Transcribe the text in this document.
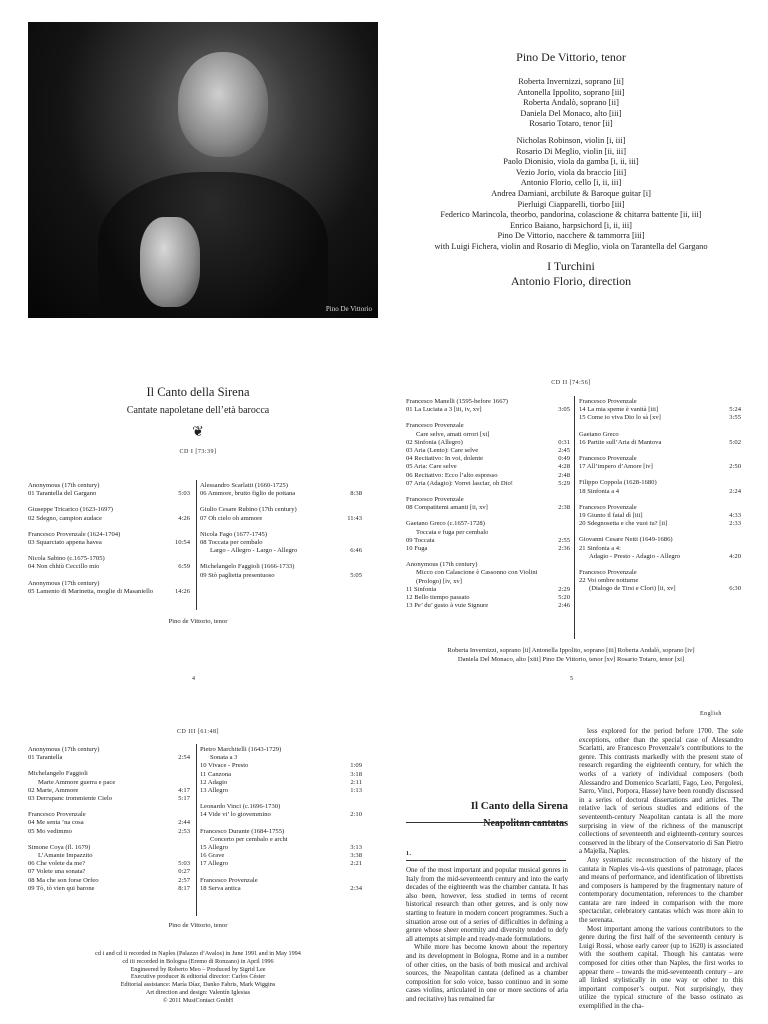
Pino De Vittorio
Pino De Vittorio, tenor
Roberta Invernizzi, soprano [ii]
Antonella Ippolito, soprano [iii]
Roberta Andalò, soprano [ii]
Daniela Del Monaco, alto [iii]
Rosario Totaro, tenor [ii]
Nicholas Robinson, violin [i, iii]
Rosario Di Meglio, violin [ii, iii]
Paolo Dionisio, viola da gamba [i, ii, iii]
Vezio Jorio, viola da braccio [iii]
Antonio Florio, cello [i, ii, iii]
Andrea Damiani, arcbilute & Baroque guitar [i]
Pierluigi Ciapparelli, tiorbo [iii]
Federico Marincola, theorbo, pandorina, colascione & chitarra battente [ii, iii]
Enrico Baiano, harpsichord [i, ii, iii]
Pino De Vittorio, nacchere & tammorra [iii]
with Luigi Fichera, violin and Rosario di Meglio, viola on Tarantella del Gargano
I Turchini
Antonio Florio, direction
Il Canto della Sirena
Cantate napoletane dell’età barocca
❦
CD I [73:39]
Anonymous (17th century)
01 Tarantella del Gargano	5:03
Giuseppe Tricarico (1623-1697)
02 Sdegno, campion audace	4:26
Francesco Provenzale (1624-1704)
03 Squarciato appena havea	10:54
Nicola Sabino (c.1675-1705)
04 Non chhiù Ceccillo mio	6:59
Anonymous (17th century)
05 Lamento di Marinetta, moglie di Masaniello	14:26
Alessandro Scarlatti (1660-1725)
06 Ammore, brutto figlio de pottana	8:38
Giulio Cesare Rubino (17th century)
07 Oh cielo oh ammore	11:43
Nicola Fago (1677-1745)
08 Toccata per cembalo
Largo - Allegro - Largo - Allegro	6:46
Michelangelo Faggioli (1666-1733)
09 Stò paglietta presentuoso	5:05
Pino de Vittorio, tenor
4
CD II [74:56]
Francesco Manelli (1595-before 1667)
01 La Luciata a 3 [iii, iv, xv]	3:05
Francesco Provenzale
Care selve, amati orrori [xi]
02 Sinfonia (Allegro)	0:31
03 Aria (Lento): Care selve	2:45
04 Recitativo: In voi, dolente	0:49
05 Aria: Care selve	4:28
06 Recitativo: Ecco l’alto espresso	2:48
07 Aria (Adagio): Vorrei lasciar, oh Dio!	5:29
Francesco Provenzale
08 Compatitemi amanti [ii, xv]	2:38
Gaetano Greco (c.1657-1728)
Toccata e fuga per cembalo
09 Toccata	2:55
10 Fuga	2:36
Anonymous (17th century)
Micco con Calascione è Cassonno con Violini
(Prologo) [iv, xv]
11 Sinfonia	2:29
12 Bello tiempo passato	5:20
13 Pe’ du’ gusto à vuie Signure	2:46
Francesco Provenzale
14 La mia speme è vanità [iii]	5:24
15 Come io viva Dio lo sà [xv]	3:55
Gaetano Greco
16 Partite sull’Aria di Mantova	5:02
Francesco Provenzale
17 All’impero d’Amore [iv]	2:50
Filippo Coppola (1628-1680)
18 Sinfonia a 4	2:24
Francesco Provenzale
19 Giunto il fatal dì [iii]	4:33
20 Sdegnosetta e che vuoi tu? [ii]	2:33
Giovanni Cesare Netti (1649-1686)
21 Sinfonia a 4:
Adagio - Presto - Adagio - Allegro	4:20
Francesco Provenzale
22 Voi ombre notturne
(Dialogo de Tirsi e Clori) [ii, xv]	6:30
Roberta Invernizzi, soprano [ii] Antonella Ippolito, soprano [iii] Roberta Andalò, soprano [iv]
Daniela Del Monaco, alto [xiii] Pino De Vittorio, tenor [xv] Rosario Totaro, tenor [xi]
5
CD III [61:48]
Anonymous (17th century)
01 Tarantella	2:54
Michelangelo Faggioli
Marte Ammore guerra e pace
02 Marte, Ammore	4:17
03 Derrupanc trommiente Cielo	5:17
Francesco Provenzale
04 Me senta ’na cosa	2:44
05 Mo vedimmo	2:53
Simone Coya (fl. 1679)
L’Amante Impazzito
06 Che volete da me?	5:03
07 Volete una sonata?	0:27
08 Ma che son forse Orfeo	2:57
09 Tò, tò vien qui barone	8:17
Pietro Marchitelli (1643-1729)
Sonata a 3
10 Vivace - Presto	1:09
11 Canzona	3:18
12 Adagio	2:11
13 Allegro	1:13
Leonardo Vinci (c.1696-1730)
14 Vide vi’ lo giovemmino	2:10
Francesco Durante (1684-1755)
Concerto per cembalo e archi
15 Allegro	3:13
16 Grave	3:38
17 Allegro	2:21
Francesco Provenzale
18 Serva antica	2:34
Pino de Vittorio, tenor
cd i and cd ii recorded in Naples (Palazzo d’Avalos) in June 1991 and in May 1994
cd iii recorded in Bologna (Eremo di Ronzano) in April 1996
Engineered by Roberto Meo – Produced by Sigrid Lee
Executive producer & editorial director: Carlos Céster
Editorial assistance: María Díaz, Danko Fabris, Mark Wiggins
Art direction and design: Valentín Iglesias
© 2011 MusiContact GmbH
English
Il Canto della Sirena
Neapolitan cantatas
1.

One of the most important and popular musical genres in Italy from the mid-seventeenth century and into the early decades of the eighteenth was the chamber cantata. It has also been, however, less studied in terms of recent historical research than other genres, and is only now starting to feature in modern concert programmes. Such a situation arose out of a series of difficulties in defining a genre whose sheer enormity and diversity tended to defy all attempts at simple and ready-made formulations.

While more has become known about the repertory and its development in Bologna, Rome and in a number of other cities, on the basis of both musical and archival sources, the Neapolitan cantata (defined as a chamber composition for solo voice, basso continuo and in some cases violins, articulated in one or more sections of aria and recitative) has remained far

less explored for the period before 1700. The sole exceptions, other than the special case of Alessandro Scarlatti, are Francesco Provenzale’s contributions to the genre. This contrasts markedly with the present state of research regarding the eighteenth century, for which the works of a variety of individual composers (both Alessandro and Domenico Scarlatti, Fago, Leo, Pergolesi, Sarro, Vinci, Porpora, Hasse) have been roundly discussed in a series of doctoral dissertations and articles. The relative lack of serious studies and editions of the seventeenth-century Neapolitan cantata is all the more surprising in view of the richness of the manuscript collections of seventeenth and eighteenth-century sources conserved in the library of the Conservatorio di San Pietro a Majella, Naples.

Any systematic reconstruction of the history of the cantata in Naples vis-à-vis questions of patronage, places and means of performance, and identification of librettists and composers is hampered by the fragmentary nature of contemporary documentation, references to the chamber cantata are rare indeed in comparison with the more spectacular, celebratory cantatas which was more akin to the serenata.

Most important among the various contributors to the genre during the first half of the seventeenth century is Luigi Rossi, whose early career (up to 1620) is associated with the southern capital. Though his cantatas were composed for cities other than Naples, the first works to appear there – towards the mid-seventeenth century – are all linked stylistically in one way or other to this important composer’s output. Not surprisingly, they utilize the typical structure of the basso ostinato as exemplified in the cha-
